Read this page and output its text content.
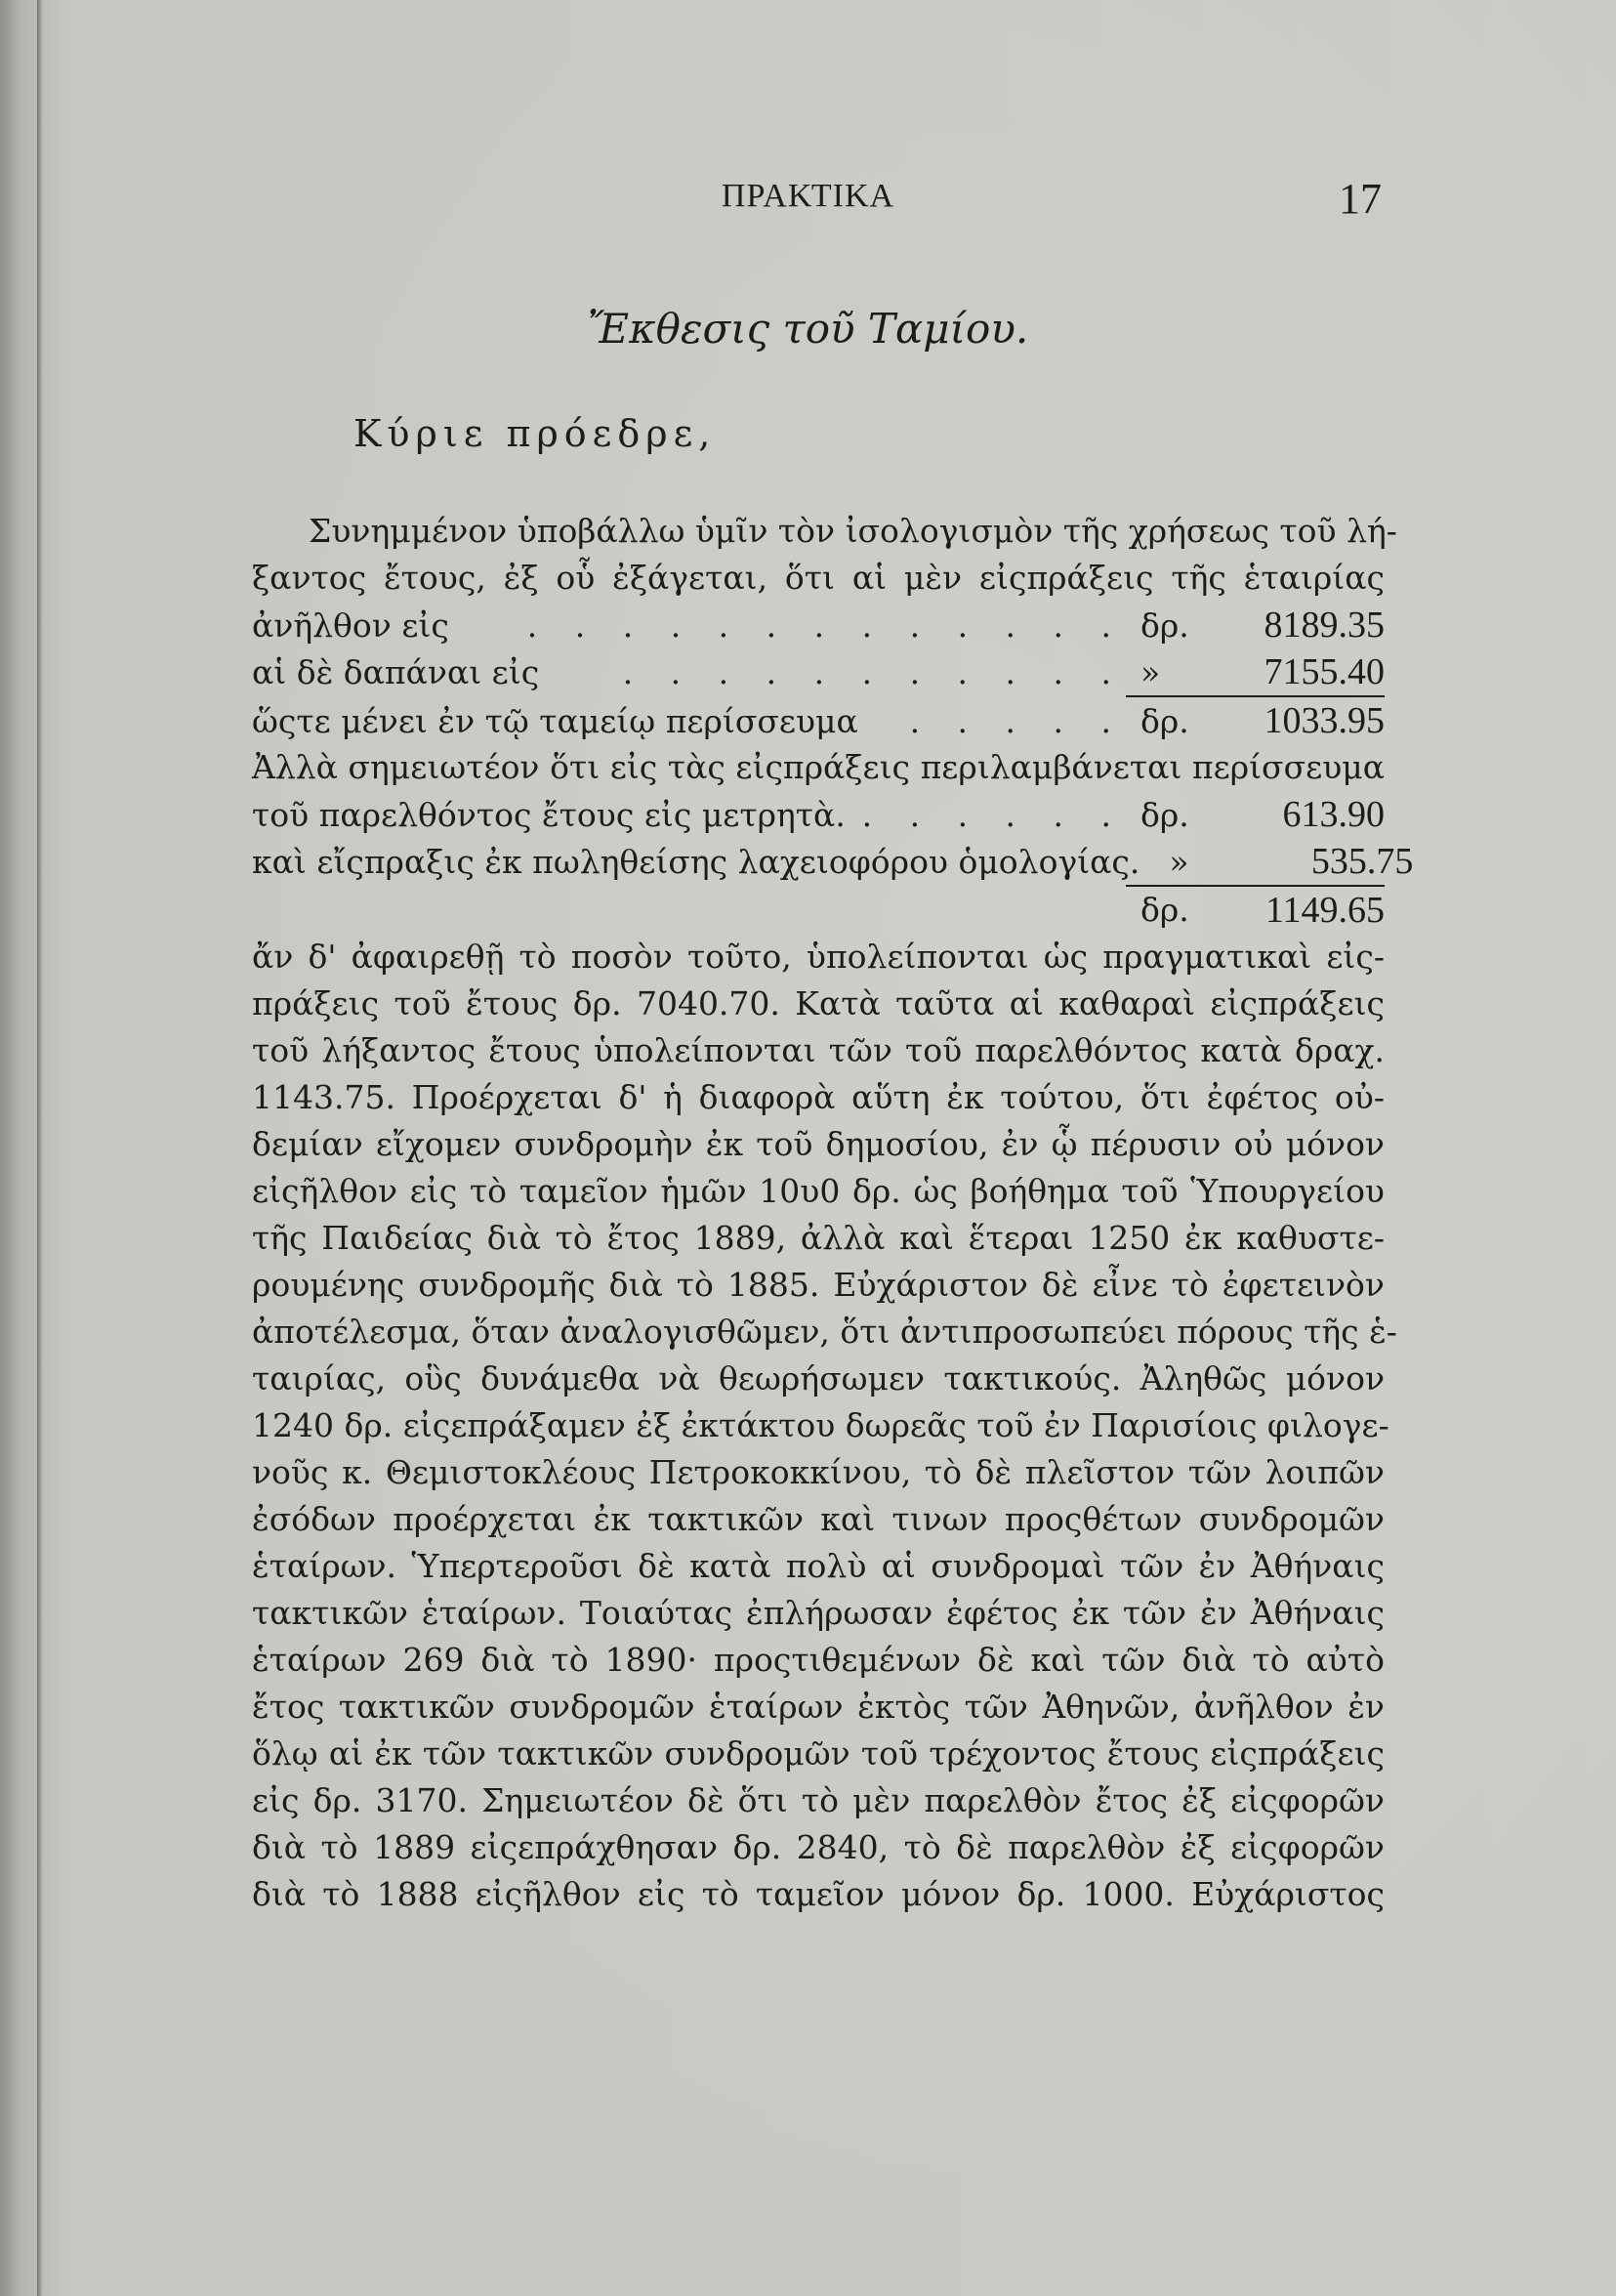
ΠΡΑΚΤΙΚΑ	17
Ἔκθεσις τοῦ Ταμίου.
Κύριε πρόεδρε,
Συνημμένον ὑποβάλλω ὑμῖν τὸν ἰσολογισμὸν τῆς χρήσεως τοῦ λή-
ξαντος ἔτους, ἐξ οὗ ἐξάγεται, ὅτι αἱ μὲν εἰςπράξεις τῆς ἑταιρίας
ἀνῆλθον εἰς	. . . . . . . . . . . . . δρ.	8189.35
αἱ δὲ δαπάναι εἰς	. . . . . . . . . . . »	7155.40
ὥςτε μένει ἐν τῷ ταμείῳ περίσσευμα	. . . . . δρ.	1033.95
Ἀλλὰ σημειωτέον ὅτι εἰς τὰς εἰςπράξεις περιλαμβάνεται περίσσευμα
τοῦ παρελθόντος ἔτους εἰς μετρητὰ. . . . . . . δρ.	613.90
καὶ εἴςπραξις ἐκ πωληθείσης λαχειοφόρου ὁμολογίας . »	535.75
δρ.	1149.65
ἄν δ' ἀφαιρεθῇ τὸ ποσὸν τοῦτο, ὑπολείπονται ὡς πραγματικαὶ εἰς-
πράξεις τοῦ ἔτους δρ. 7040.70. Κατὰ ταῦτα αἱ καθαραὶ εἰςπράξεις
τοῦ λήξαντος ἔτους ὑπολείπονται τῶν τοῦ παρελθόντος κατὰ δραχ.
1143.75. Προέρχεται δ' ἡ διαφορὰ αὕτη ἐκ τούτου, ὅτι ἐφέτος οὐ-
δεμίαν εἴχομεν συνδρομὴν ἐκ τοῦ δημοσίου, ἐν ᾧ πέρυσιν οὐ μόνον
εἰςῆλθον εἰς τὸ ταμεῖον ἡμῶν 10υ0 δρ. ὡς βοήθημα τοῦ Ὑπουργείου
τῆς Παιδείας διὰ τὸ ἔτος 1889, ἀλλὰ καὶ ἕτεραι 1250 ἐκ καθυστε-
ρουμένης συνδρομῆς διὰ τὸ 1885. Εὐχάριστον δὲ εἶνε τὸ ἐφετεινὸν
ἀποτέλεσμα, ὅταν ἀναλογισθῶμεν, ὅτι ἀντιπροσωπεύει πόρους τῆς ἑ-
ταιρίας, οὓς δυνάμεθα νὰ θεωρήσωμεν τακτικούς. Ἀληθῶς μόνον
1240 δρ. εἰςεπράξαμεν ἐξ ἐκτάκτου δωρεᾶς τοῦ ἐν Παρισίοις φιλογε-
νοῦς κ. Θεμιστοκλέους Πετροκοκκίνου, τὸ δὲ πλεῖστον τῶν λοιπῶν
ἐσόδων προέρχεται ἐκ τακτικῶν καὶ τινων προςθέτων συνδρομῶν
ἑταίρων. Ὑπερτεροῦσι δὲ κατὰ πολὺ αἱ συνδρομαὶ τῶν ἐν Ἀθήναις
τακτικῶν ἑταίρων. Τοιαύτας ἐπλήρωσαν ἐφέτος ἐκ τῶν ἐν Ἀθήναις
ἑταίρων 269 διὰ τὸ 1890· προςτιθεμένων δὲ καὶ τῶν διὰ τὸ αὐτὸ
ἔτος τακτικῶν συνδρομῶν ἑταίρων ἐκτὸς τῶν Ἀθηνῶν, ἀνῆλθον ἐν
ὅλῳ αἱ ἐκ τῶν τακτικῶν συνδρομῶν τοῦ τρέχοντος ἔτους εἰςπράξεις
εἰς δρ. 3170. Σημειωτέον δὲ ὅτι τὸ μὲν παρελθὸν ἔτος ἐξ εἰςφορῶν
διὰ τὸ 1889 εἰςεπράχθησαν δρ. 2840, τὸ δὲ παρελθὸν ἐξ εἰςφορῶν
διὰ τὸ 1888 εἰςῆλθον εἰς τὸ ταμεῖον μόνον δρ. 1000. Εὐχάριστος
